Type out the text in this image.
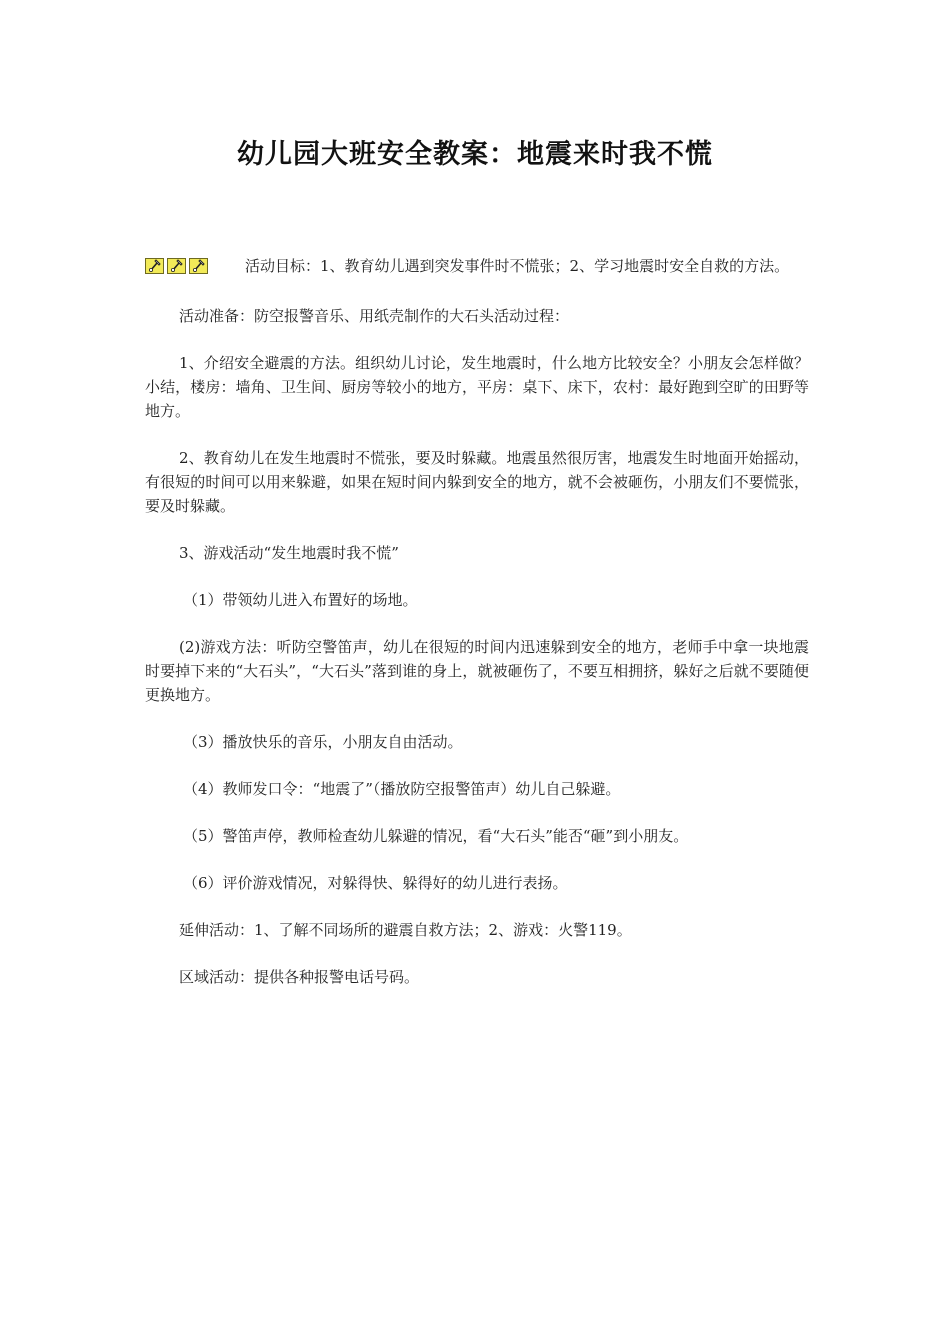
幼儿园大班安全教案：地震来时我不慌

活动目标：1、教育幼儿遇到突发事件时不慌张；2、学习地震时安全自救的方法。

活动准备：防空报警音乐、用纸壳制作的大石头活动过程：

1、介绍安全避震的方法。组织幼儿讨论，发生地震时，什么地方比较安全？小朋友会怎样做？小结，楼房：墙角、卫生间、厨房等较小的地方，平房：桌下、床下，农村：最好跑到空旷的田野等地方。

2、教育幼儿在发生地震时不慌张，要及时躲藏。地震虽然很厉害，地震发生时地面开始摇动，有很短的时间可以用来躲避，如果在短时间内躲到安全的地方，就不会被砸伤，小朋友们不要慌张，要及时躲藏。

3、游戏活动“发生地震时我不慌”

（1）带领幼儿进入布置好的场地。

(2)游戏方法：听防空警笛声，幼儿在很短的时间内迅速躲到安全的地方，老师手中拿一块地震时要掉下来的“大石头”，“大石头”落到谁的身上，就被砸伤了，不要互相拥挤，躲好之后就不要随便更换地方。

（3）播放快乐的音乐，小朋友自由活动。

（4）教师发口令：“地震了”（播放防空报警笛声）幼儿自己躲避。

（5）警笛声停，教师检查幼儿躲避的情况，看“大石头”能否“砸”到小朋友。

（6）评价游戏情况，对躲得快、躲得好的幼儿进行表扬。

延伸活动：1、了解不同场所的避震自救方法；2、游戏：火警119。

区域活动：提供各种报警电话号码。
